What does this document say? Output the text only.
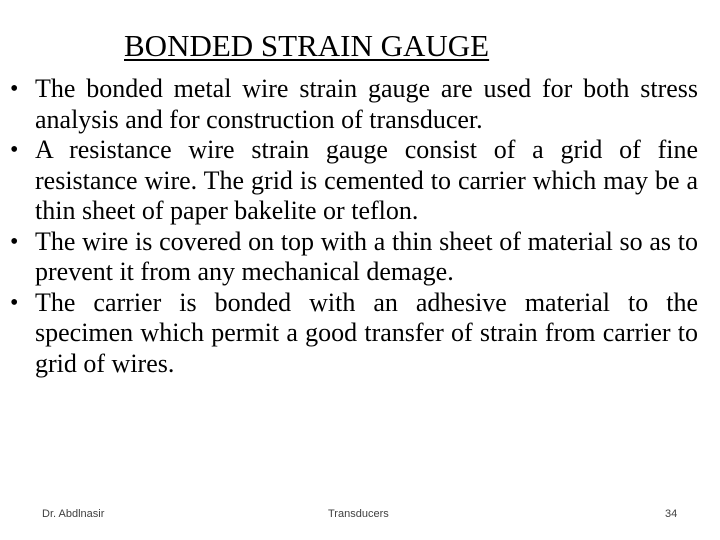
BONDED STRAIN GAUGE
• The bonded metal wire strain gauge are used for both stress analysis and for construction of transducer.
• A resistance wire strain gauge consist of a grid of fine resistance wire. The grid is cemented to carrier which may be a thin sheet of paper bakelite or teflon.
• The wire is covered on top with a thin sheet of material so as to prevent it from any mechanical demage.
• The carrier is bonded with an adhesive material to the specimen which permit a good transfer of strain from carrier to grid of wires.
Dr. Abdlnasir	Transducers	34
